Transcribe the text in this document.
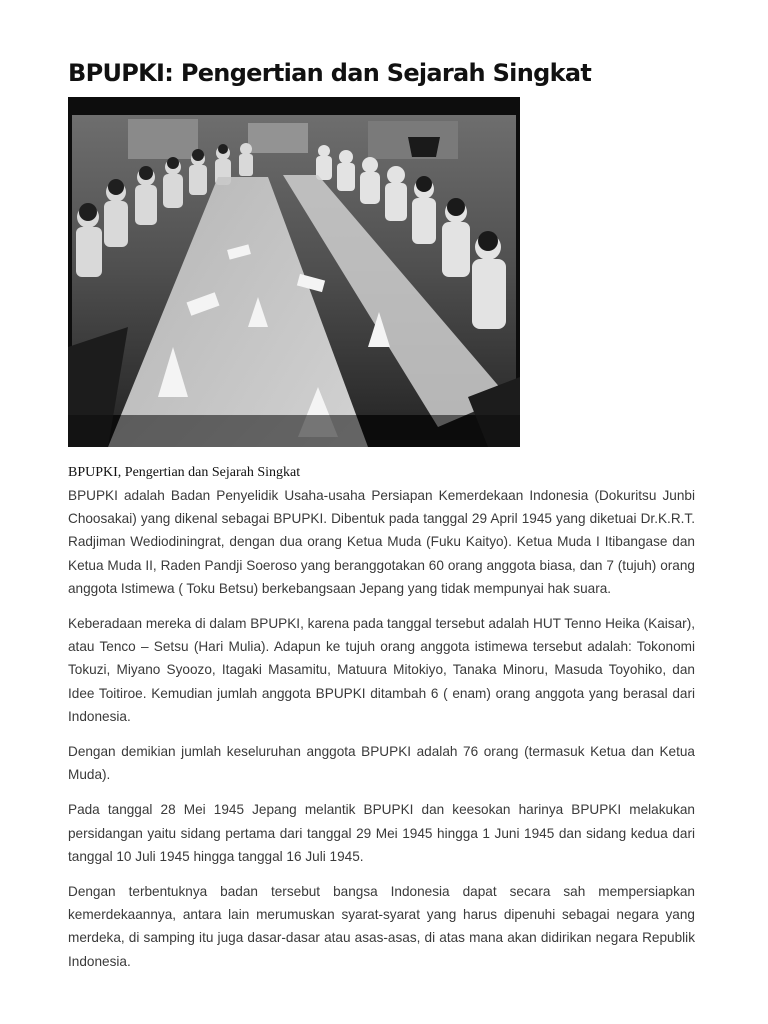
BPUPKI: Pengertian dan Sejarah Singkat
BPUPKI, Pengertian dan Sejarah Singkat

BPUPKI adalah Badan Penyelidik Usaha-usaha Persiapan Kemerdekaan Indonesia (Dokuritsu Junbi Choosakai) yang dikenal sebagai BPUPKI. Dibentuk pada tanggal 29 April 1945 yang diketuai Dr.K.R.T. Radjiman Wediodiningrat, dengan dua orang Ketua Muda (Fuku Kaityo). Ketua Muda I Itibangase dan Ketua Muda II, Raden Pandji Soeroso yang beranggotakan 60 orang anggota biasa, dan 7 (tujuh) orang anggota Istimewa ( Toku Betsu) berkebangsaan Jepang yang tidak mempunyai hak suara.

Keberadaan mereka di dalam BPUPKI, karena pada tanggal tersebut adalah HUT Tenno Heika (Kaisar), atau Tenco – Setsu (Hari Mulia). Adapun ke tujuh orang anggota istimewa tersebut adalah: Tokonomi Tokuzi, Miyano Syoozo, Itagaki Masamitu, Matuura Mitokiyo, Tanaka Minoru, Masuda Toyohiko, dan Idee Toitiroe. Kemudian jumlah anggota BPUPKI ditambah 6 ( enam) orang anggota yang berasal dari Indonesia.

Dengan demikian jumlah keseluruhan anggota BPUPKI adalah 76 orang (termasuk Ketua dan Ketua Muda).

Pada tanggal 28 Mei 1945 Jepang melantik BPUPKI dan keesokan harinya BPUPKI melakukan persidangan yaitu sidang pertama dari tanggal 29 Mei 1945 hingga 1 Juni 1945 dan sidang kedua dari tanggal 10 Juli 1945 hingga tanggal 16 Juli 1945.

Dengan terbentuknya badan tersebut bangsa Indonesia dapat secara sah mempersiapkan kemerdekaannya, antara lain merumuskan syarat-syarat yang harus dipenuhi sebagai negara yang merdeka, di samping itu juga dasar-dasar atau asas-asas, di atas mana akan didirikan negara Republik Indonesia.
